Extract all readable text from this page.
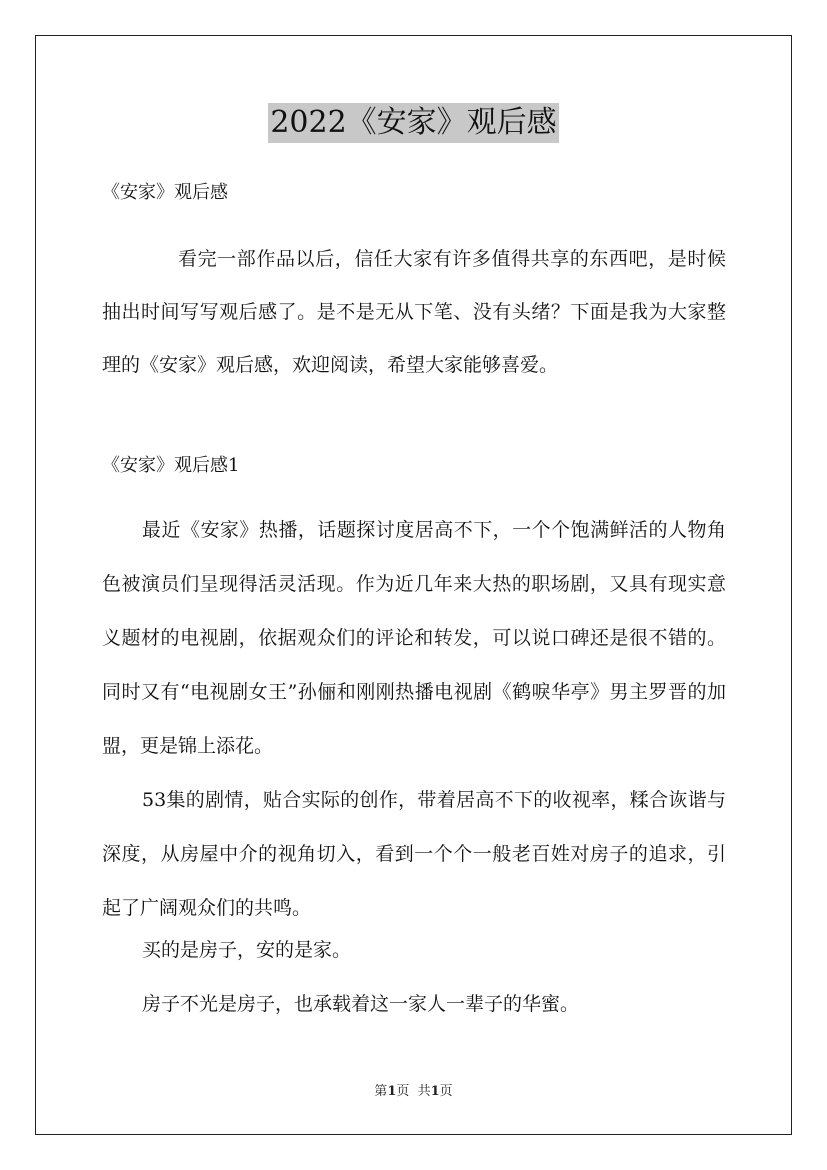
2022《安家》观后感

《安家》观后感

看完一部作品以后，信任大家有许多值得共享的东西吧，是时候抽出时间写写观后感了。是不是无从下笔、没有头绪？下面是我为大家整理的《安家》观后感，欢迎阅读，希望大家能够喜爱。

《安家》观后感1

最近《安家》热播，话题探讨度居高不下，一个个饱满鲜活的人物角色被演员们呈现得活灵活现。作为近几年来大热的职场剧，又具有现实意义题材的电视剧，依据观众们的评论和转发，可以说口碑还是很不错的。同时又有“电视剧女王”孙俪和刚刚热播电视剧《鹤唳华亭》男主罗晋的加盟，更是锦上添花。

53集的剧情，贴合实际的创作，带着居高不下的收视率，糅合诙谐与深度，从房屋中介的视角切入，看到一个个一般老百姓对房子的追求，引起了广阔观众们的共鸣。

买的是房子，安的是家。

房子不光是房子，也承载着这一家人一辈子的华蜜。

第1页  共1页
